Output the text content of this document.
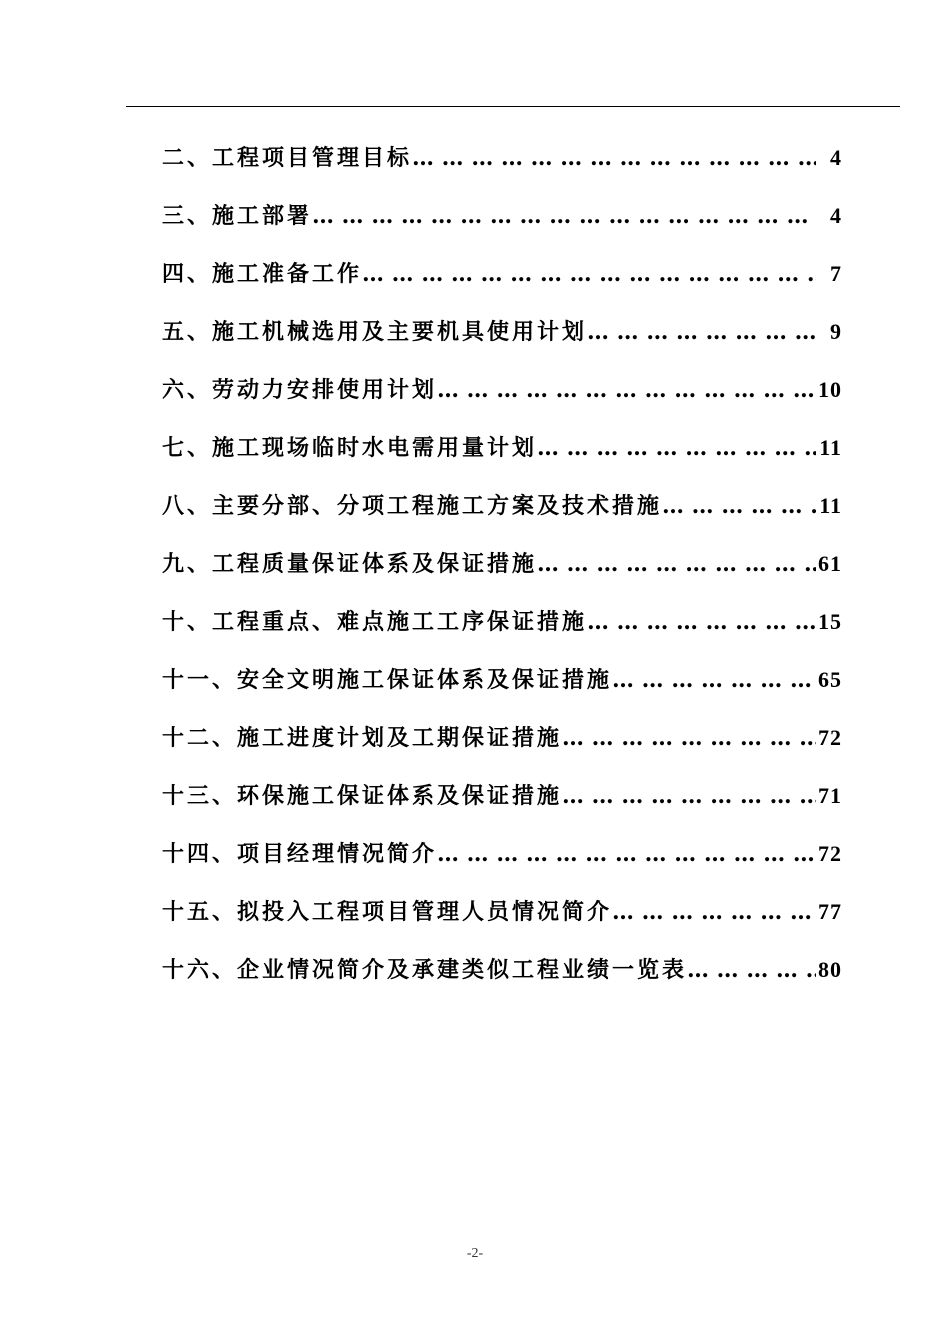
二、工程项目管理目标 … … … … … … … … … … … … … … … … … … … … … … … … … … … … … … … … … … …	4
三、施工部署 … … … … … … … … … … … … … … … … … … … … … … … … … … … … … … … … … … …	4
四、施工准备工作 … … … … … … … … … … … … … … … … … … … … … … … … … … … … … … … … … … …	7
五、施工机械选用及主要机具使用计划 … … … … … … … … … … … … … … … … … … … … … … … … … … … … … … … … … … …	9
六、劳动力安排使用计划 … … … … … … … … … … … … … … … … … … … … … … … … … … … … … … … … … … …	10
七、施工现场临时水电需用量计划 … … … … … … … … … … … … … … … … … … … … … … … … … … … … … … … … … … …	11
八、主要分部、分项工程施工方案及技术措施 … … … … … … … … … … … … … … … … … … … … … … … … … … … … … … … … … … …	11
九、工程质量保证体系及保证措施 … … … … … … … … … … … … … … … … … … … … … … … … … … … … … … … … … … …	61
十、工程重点、难点施工工序保证措施 … … … … … … … … … … … … … … … … … … … … … … … … … … … … … … … … … … …	15
十一、安全文明施工保证体系及保证措施 … … … … … … … … … … … … … … … … … … … … … … … … … … … … … … … … … … …	65
十二、施工进度计划及工期保证措施 … … … … … … … … … … … … … … … … … … … … … … … … … … … … … … … … … … …	72
十三、环保施工保证体系及保证措施 … … … … … … … … … … … … … … … … … … … … … … … … … … … … … … … … … … …	71
十四、项目经理情况简介 … … … … … … … … … … … … … … … … … … … … … … … … … … … … … … … … … … …	72
十五、拟投入工程项目管理人员情况简介 … … … … … … … … … … … … … … … … … … … … … … … … … … … … … … … … … … …	77
十六、企业情况简介及承建类似工程业绩一览表 … … … … … … … … … … … … … … … … … … … … … … … … … … … … … … … … … … …	80
-2-
